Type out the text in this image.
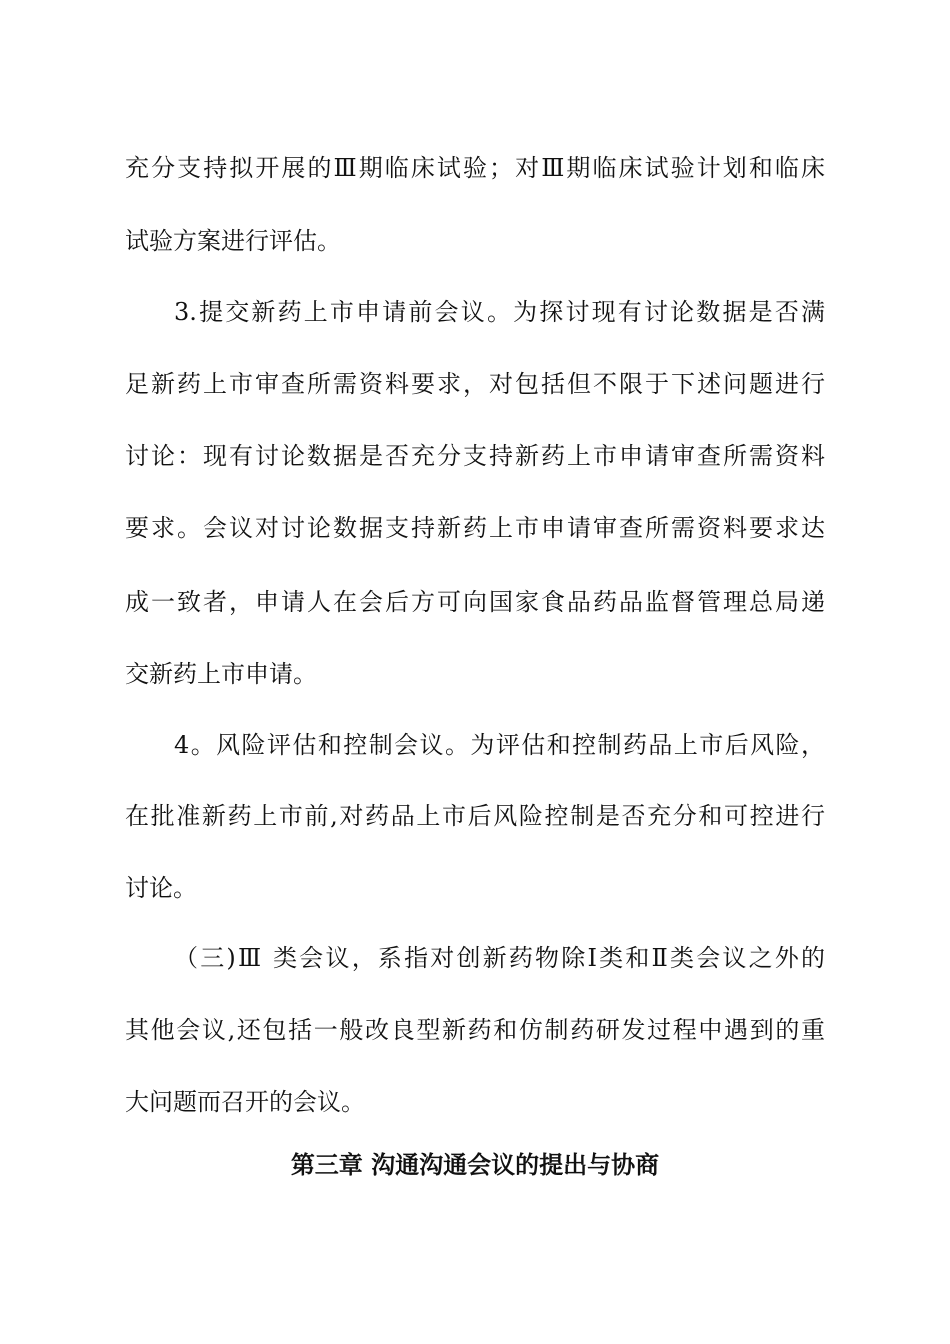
充分支持拟开展的Ⅲ期临床试验；对Ⅲ期临床试验计划和临床
试验方案进行评估。
3.提交新药上市申请前会议。为探讨现有讨论数据是否满
足新药上市审查所需资料要求，对包括但不限于下述问题进行
讨论：现有讨论数据是否充分支持新药上市申请审查所需资料
要求。会议对讨论数据支持新药上市申请审查所需资料要求达
成一致者，申请人在会后方可向国家食品药品监督管理总局递
交新药上市申请。
4。风险评估和控制会议。为评估和控制药品上市后风险，
在批准新药上市前,对药品上市后风险控制是否充分和可控进行
讨论。
（三)Ⅲ 类会议，系指对创新药物除Ⅰ类和Ⅱ类会议之外的
其他会议,还包括一般改良型新药和仿制药研发过程中遇到的重
大问题而召开的会议。
第三章 沟通沟通会议的提出与协商
